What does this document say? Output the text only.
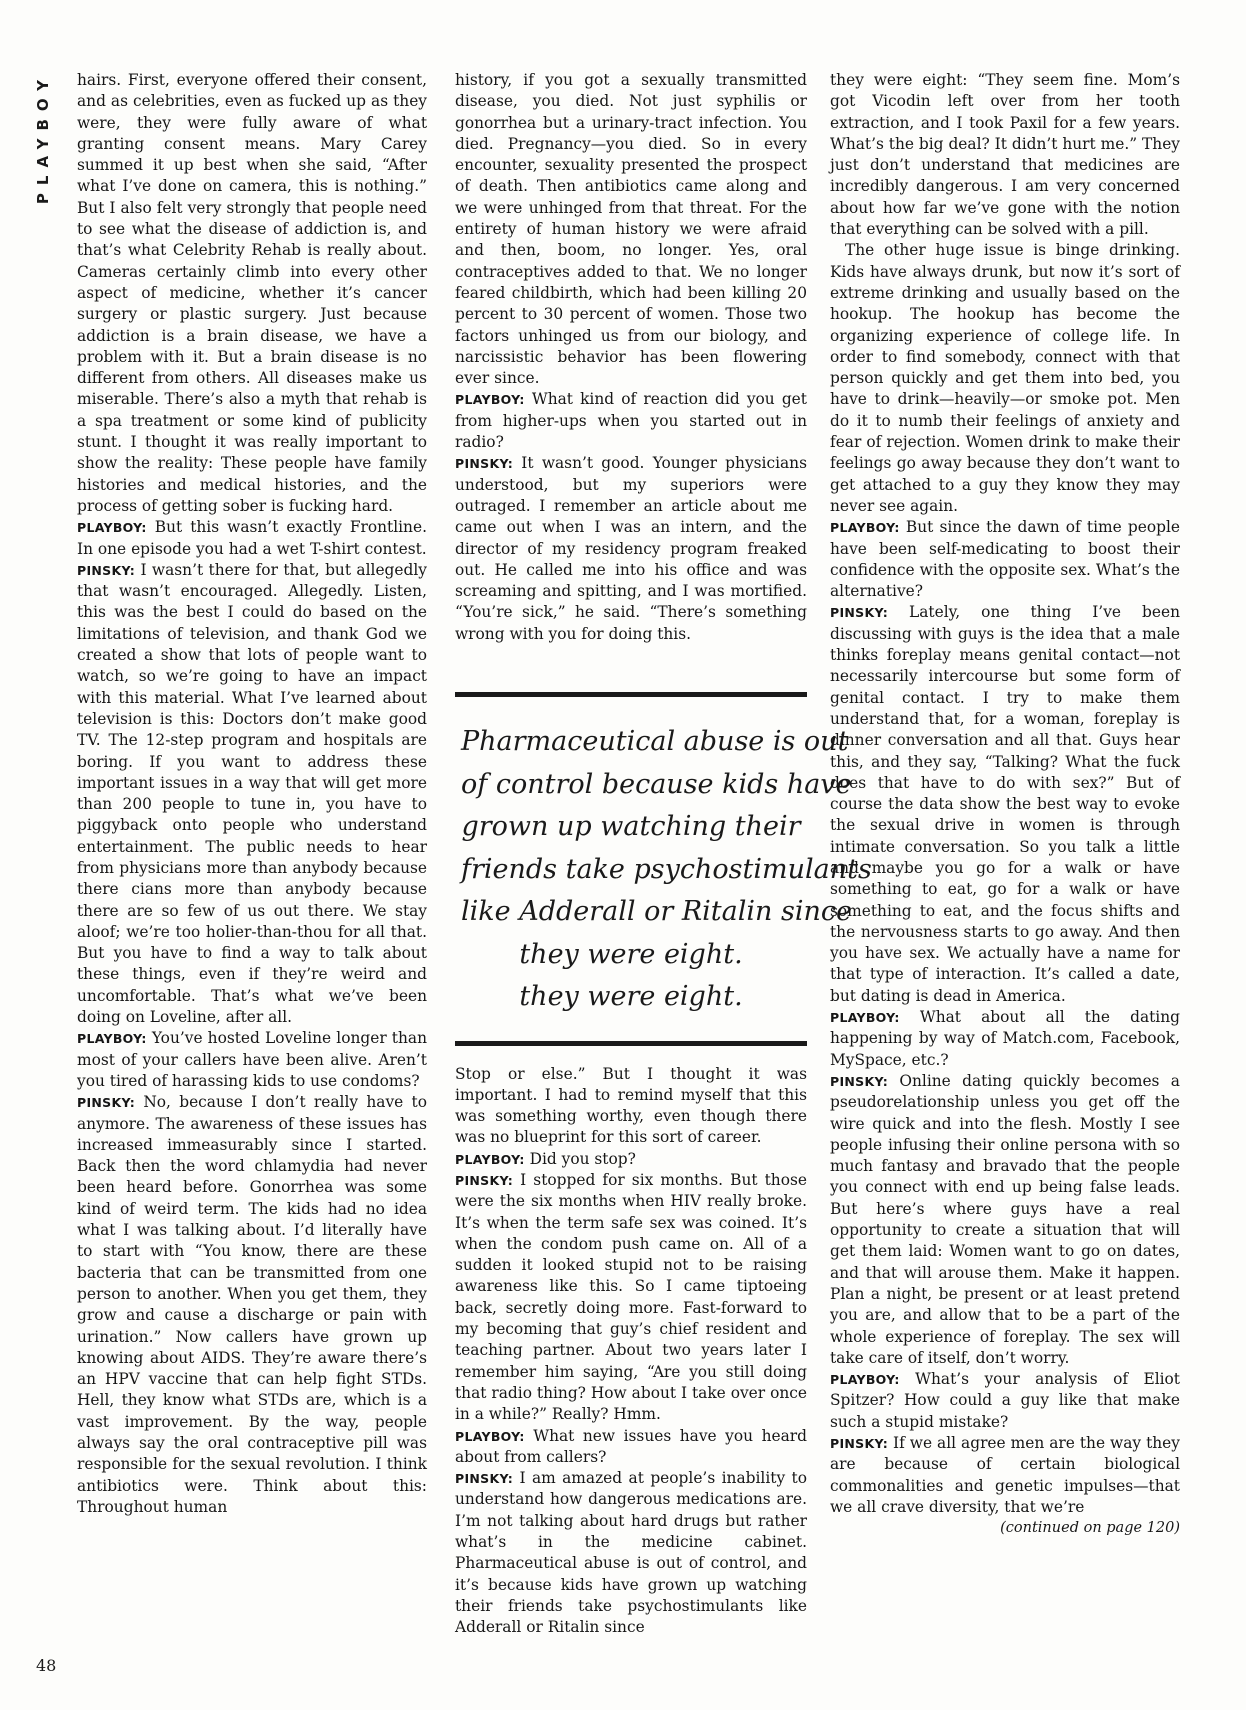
PLAYBOY hairs. First, everyone offered their consent, and as celebrities, even as fucked up as they were, they were fully aware of what granting consent means. Mary Carey summed it up best when she said, “After what I’ve done on camera, this is nothing.” But I also felt very strongly that people need to see what the disease of addiction is, and that’s what Celebrity Rehab is really about. Cameras certainly climb into every other aspect of medicine, whether it’s cancer surgery or plastic surgery. Just because addiction is a brain disease, we have a problem with it. But a brain disease is no different from others. All diseases make us miserable. There’s also a myth that rehab is a spa treatment or some kind of publicity stunt. I thought it was really important to show the reality: These people have family histories and medical histories, and the process of getting sober is fucking hard.

PLAYBOY: But this wasn’t exactly Frontline. In one episode you had a wet T-shirt contest.

PINSKY: I wasn’t there for that, but allegedly that wasn’t encouraged. Allegedly. Listen, this was the best I could do based on the limitations of television, and thank God we created a show that lots of people want to watch, so we’re going to have an impact with this material. What I’ve learned about television is this: Doctors don’t make good TV. The 12-step program and hospitals are boring. If you want to address these important issues in a way that will get more than 200 people to tune in, you have to piggyback onto people who understand entertainment. The public needs to hear from physicians more than anybody because there cians more than anybody because there are so few of us out there. We stay aloof; we’re too holier-than-thou for all that. But you have to find a way to talk about these things, even if they’re weird and uncomfortable. That’s what we’ve been doing on Loveline, after all.

PLAYBOY: You’ve hosted Loveline longer than most of your callers have been alive. Aren’t you tired of harassing kids to use condoms?

PINSKY: No, because I don’t really have to anymore. The awareness of these issues has increased immeasurably since I started. Back then the word chlamydia had never been heard before. Gonorrhea was some kind of weird term. The kids had no idea what I was talking about. I’d literally have to start with “You know, there are these bacteria that can be transmitted from one person to another. When you get them, they grow and cause a discharge or pain with urination.” Now callers have grown up knowing about AIDS. They’re aware there’s an HPV vaccine that can help fight STDs. Hell, they know what STDs are, which is a vast improvement. By the way, people always say the oral contraceptive pill was responsible for the sexual revolution. I think antibiotics were. Think about this: Throughout human

history, if you got a sexually transmitted disease, you died. Not just syphilis or gonorrhea but a urinary-tract infection. You died. Pregnancy—you died. So in every encounter, sexuality presented the prospect of death. Then antibiotics came along and we were unhinged from that threat. For the entirety of human history we were afraid and then, boom, no longer. Yes, oral contraceptives added to that. We no longer feared childbirth, which had been killing 20 percent to 30 percent of women. Those two factors unhinged us from our biology, and narcissistic behavior has been flowering ever since.

PLAYBOY: What kind of reaction did you get from higher-ups when you started out in radio?

PINSKY: It wasn’t good. Younger physicians understood, but my superiors were outraged. I remember an article about me came out when I was an intern, and the director of my residency program freaked out. He called me into his office and was screaming and spitting, and I was mortified. “You’re sick,” he said. “There’s something wrong with you for doing this.

Pharmaceutical abuse is out
of control because kids have
grown up watching their
friends take psychostimulants
like Adderall or Ritalin since
they were eight.
they were eight.

Stop or else.” But I thought it was important. I had to remind myself that this was something worthy, even though there was no blueprint for this sort of career.

PLAYBOY: Did you stop?

PINSKY: I stopped for six months. But those were the six months when HIV really broke. It’s when the term safe sex was coined. It’s when the condom push came on. All of a sudden it looked stupid not to be raising awareness like this. So I came tiptoeing back, secretly doing more. Fast-forward to my becoming that guy’s chief resident and teaching partner. About two years later I remember him saying, “Are you still doing that radio thing? How about I take over once in a while?” Really? Hmm.

PLAYBOY: What new issues have you heard about from callers?

PINSKY: I am amazed at people’s inability to understand how dangerous medications are. I’m not talking about hard drugs but rather what’s in the medicine cabinet. Pharmaceutical abuse is out of control, and it’s because kids have grown up watching their friends take psychostimulants like Adderall or Ritalin since

they were eight: “They seem fine. Mom’s got Vicodin left over from her tooth extraction, and I took Paxil for a few years. What’s the big deal? It didn’t hurt me.” They just don’t understand that medicines are incredibly dangerous. I am very concerned about how far we’ve gone with the notion that everything can be solved with a pill.

The other huge issue is binge drinking. Kids have always drunk, but now it’s sort of extreme drinking and usually based on the hookup. The hookup has become the organizing experience of college life. In order to find somebody, connect with that person quickly and get them into bed, you have to drink—heavily—or smoke pot. Men do it to numb their feelings of anxiety and fear of rejection. Women drink to make their feelings go away because they don’t want to get attached to a guy they know they may never see again.

PLAYBOY: But since the dawn of time people have been self-medicating to boost their confidence with the opposite sex. What’s the alternative?

PINSKY: Lately, one thing I’ve been discussing with guys is the idea that a male thinks foreplay means genital contact—not necessarily intercourse but some form of genital contact. I try to make them understand that, for a woman, foreplay is dinner conversation and all that. Guys hear this, and they say, “Talking? What the fuck does that have to do with sex?” But of course the data show the best way to evoke the sexual drive in women is through intimate conversation. So you talk a little and maybe you go for a walk or have something to eat, go for a walk or have something to eat, and the focus shifts and the nervousness starts to go away. And then you have sex. We actually have a name for that type of interaction. It’s called a date, but dating is dead in America.

PLAYBOY: What about all the dating happening by way of Match.com, Facebook, MySpace, etc.?

PINSKY: Online dating quickly becomes a pseudorelationship unless you get off the wire quick and into the flesh. Mostly I see people infusing their online persona with so much fantasy and bravado that the people you connect with end up being false leads. But here’s where guys have a real opportunity to create a situation that will get them laid: Women want to go on dates, and that will arouse them. Make it happen. Plan a night, be present or at least pretend you are, and allow that to be a part of the whole experience of foreplay. The sex will take care of itself, don’t worry.

PLAYBOY: What’s your analysis of Eliot Spitzer? How could a guy like that make such a stupid mistake?

PINSKY: If we all agree men are the way they are because of certain biological commonalities and genetic impulses—that we all crave diversity, that we’re

(continued on page 120)

48
